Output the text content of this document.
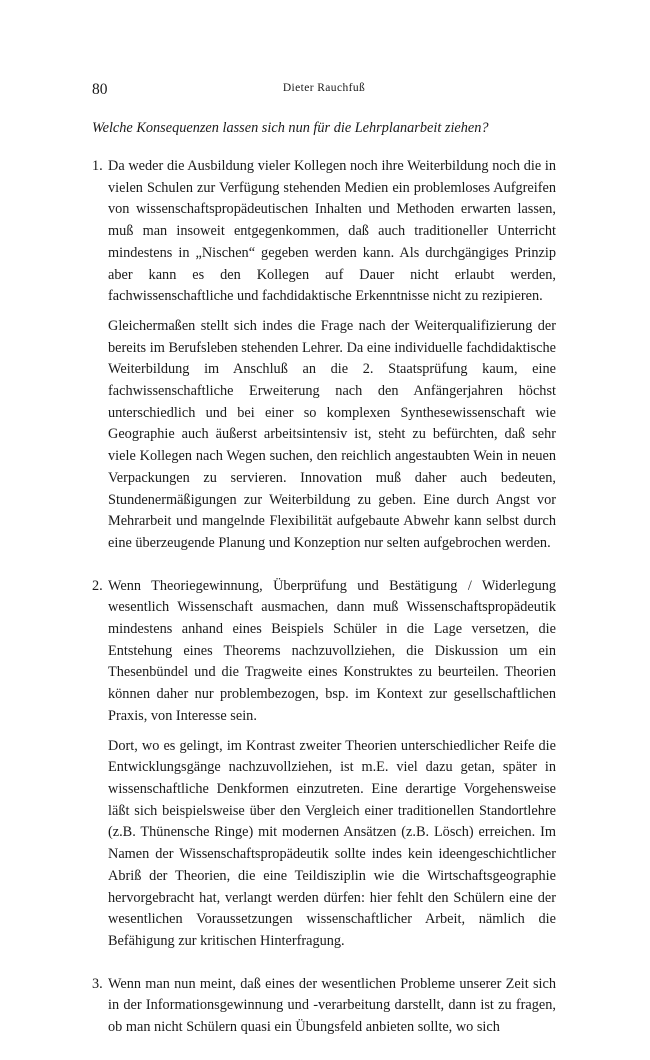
80	Dieter Rauchfuß
Welche Konsequenzen lassen sich nun für die Lehrplanarbeit ziehen?
1. Da weder die Ausbildung vieler Kollegen noch ihre Weiterbildung noch die in vielen Schulen zur Verfügung stehenden Medien ein problemloses Aufgreifen von wissenschaftspropädeutischen Inhalten und Methoden erwarten lassen, muß man insoweit entgegenkommen, daß auch traditioneller Unterricht mindestens in „Nischen“ gegeben werden kann. Als durchgängiges Prinzip aber kann es den Kollegen auf Dauer nicht erlaubt werden, fachwissenschaftliche und fachdidaktische Erkenntnisse nicht zu rezipieren.

Gleichermaßen stellt sich indes die Frage nach der Weiterqualifizierung der bereits im Berufsleben stehenden Lehrer. Da eine individuelle fachdidaktische Weiterbildung im Anschluß an die 2. Staatsprüfung kaum, eine fachwissenschaftliche Erweiterung nach den Anfängerjahren höchst unterschiedlich und bei einer so komplexen Synthesewissenschaft wie Geographie auch äußerst arbeitsintensiv ist, steht zu befürchten, daß sehr viele Kollegen nach Wegen suchen, den reichlich angestaubten Wein in neuen Verpackungen zu servieren. Innovation muß daher auch bedeuten, Stundenermäßigungen zur Weiterbildung zu geben. Eine durch Angst vor Mehrarbeit und mangelnde Flexibilität aufgebaute Abwehr kann selbst durch eine überzeugende Planung und Konzeption nur selten aufgebrochen werden.

2. Wenn Theoriegewinnung, Überprüfung und Bestätigung / Widerlegung wesentlich Wissenschaft ausmachen, dann muß Wissenschaftspropädeutik mindestens anhand eines Beispiels Schüler in die Lage versetzen, die Entstehung eines Theorems nachzuvollziehen, die Diskussion um ein Thesenbündel und die Tragweite eines Konstruktes zu beurteilen. Theorien können daher nur problembezogen, bsp. im Kontext zur gesellschaftlichen Praxis, von Interesse sein.

Dort, wo es gelingt, im Kontrast zweiter Theorien unterschiedlicher Reife die Entwicklungsgänge nachzuvollziehen, ist m.E. viel dazu getan, später in wissenschaftliche Denkformen einzutreten. Eine derartige Vorgehensweise läßt sich beispielsweise über den Vergleich einer traditionellen Standortlehre (z.B. Thünensche Ringe) mit modernen Ansätzen (z.B. Lösch) erreichen. Im Namen der Wissenschaftspropädeutik sollte indes kein ideengeschichtlicher Abriß der Theorien, die eine Teildisziplin wie die Wirtschaftsgeographie hervorgebracht hat, verlangt werden dürfen: hier fehlt den Schülern eine der wesentlichen Voraussetzungen wissenschaftlicher Arbeit, nämlich die Befähigung zur kritischen Hinterfragung.

3. Wenn man nun meint, daß eines der wesentlichen Probleme unserer Zeit sich in der Informationsgewinnung und -verarbeitung darstellt, dann ist zu fragen, ob man nicht Schülern quasi ein Übungsfeld anbieten sollte, wo sich
